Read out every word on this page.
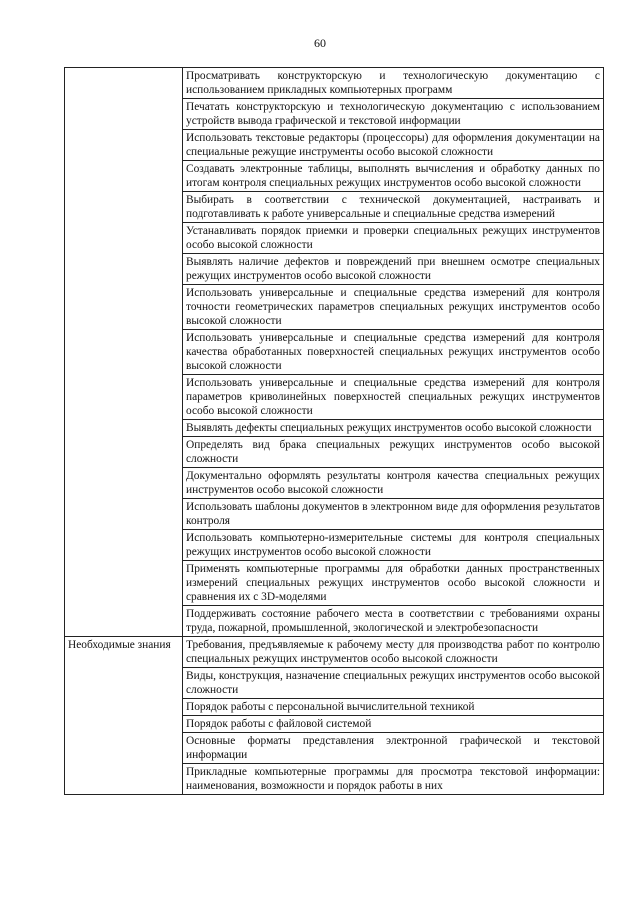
60
	Просматривать конструкторскую и технологическую документацию с использованием прикладных компьютерных программ
	Печатать конструкторскую и технологическую документацию с использованием устройств вывода графической и текстовой информации
	Использовать текстовые редакторы (процессоры) для оформления документации на специальные режущие инструменты особо высокой сложности
	Создавать электронные таблицы, выполнять вычисления и обработку данных по итогам контроля специальных режущих инструментов особо высокой сложности
	Выбирать в соответствии с технической документацией, настраивать и подготавливать к работе универсальные и специальные средства измерений
	Устанавливать порядок приемки и проверки специальных режущих инструментов особо высокой сложности
	Выявлять наличие дефектов и повреждений при внешнем осмотре специальных режущих инструментов особо высокой сложности
	Использовать универсальные и специальные средства измерений для контроля точности геометрических параметров специальных режущих инструментов особо высокой сложности
	Использовать универсальные и специальные средства измерений для контроля качества обработанных поверхностей специальных режущих инструментов особо высокой сложности
	Использовать универсальные и специальные средства измерений для контроля параметров криволинейных поверхностей специальных режущих инструментов особо высокой сложности
	Выявлять дефекты специальных режущих инструментов особо высокой сложности
	Определять вид брака специальных режущих инструментов особо высокой сложности
	Документально оформлять результаты контроля качества специальных режущих инструментов особо высокой сложности
	Использовать шаблоны документов в электронном виде для оформления результатов контроля
	Использовать компьютерно-измерительные системы для контроля специальных режущих инструментов особо высокой сложности
	Применять компьютерные программы для обработки данных пространственных измерений специальных режущих инструментов особо высокой сложности и сравнения их с 3D-моделями
	Поддерживать состояние рабочего места в соответствии с требованиями охраны труда, пожарной, промышленной, экологической и электробезопасности

Необходимые знания	Требования, предъявляемые к рабочему месту для производства работ по контролю специальных режущих инструментов особо высокой сложности
	Виды, конструкция, назначение специальных режущих инструментов особо высокой сложности
	Порядок работы с персональной вычислительной техникой
	Порядок работы с файловой системой
	Основные форматы представления электронной графической и текстовой информации
	Прикладные компьютерные программы для просмотра текстовой информации: наименования, возможности и порядок работы в них
